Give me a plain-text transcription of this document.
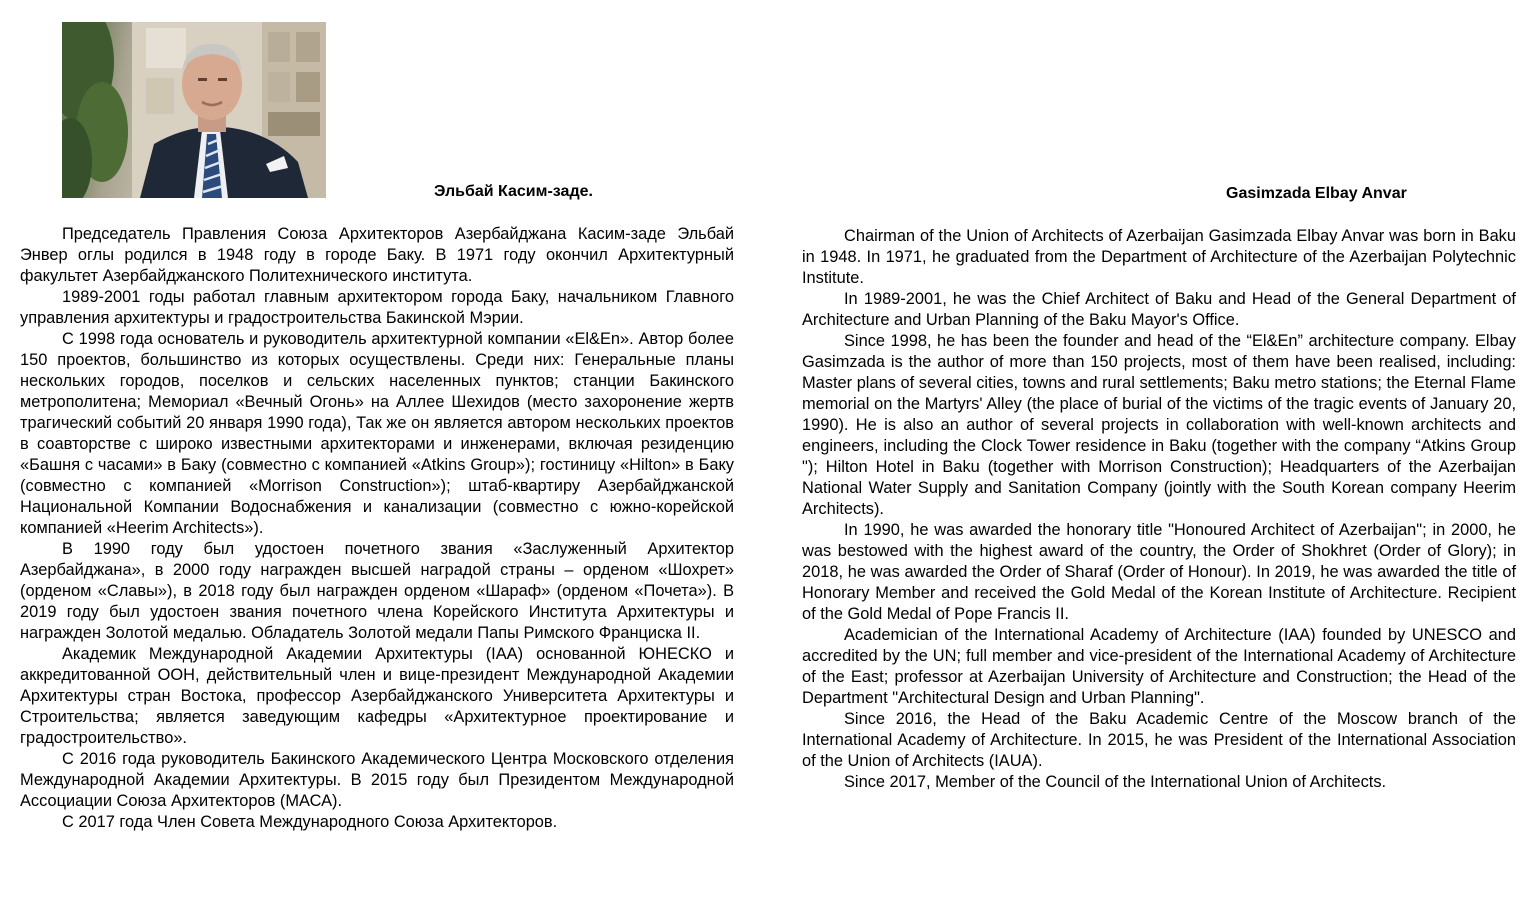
Эльбай Касим-заде.

Председатель Правления Союза Архитекторов Азербайджана Касим-заде Эльбай Энвер оглы родился в 1948 году в городе Баку. В 1971 году окончил Архитектурный факультет Азербайджанского Политехнического института.

1989-2001 годы работал главным архитектором города Баку, начальником Главного управления архитектуры и градостроительства Бакинской Мэрии.

С 1998 года основатель и руководитель архитектурной компании «El&En». Автор более 150 проектов, большинство из которых осуществлены. Среди них: Генеральные планы нескольких городов, поселков и сельских населенных пунктов; станции Бакинского метрополитена; Мемориал «Вечный Огонь» на Аллее Шехидов (место захоронение жертв трагический событий 20 января 1990 года), Так же он является автором нескольких проектов в соавторстве с широко известными архитекторами и инженерами, включая резиденцию «Башня с часами» в Баку (совместно с компанией «Atkins Group»); гостиницу «Hilton» в Баку (совместно с компанией «Morrison Construction»); штаб-квартиру Азербайджанской Национальной Компании Водоснабжения и канализации (совместно с южно-корейской компанией «Heerim Architects»).

В 1990 году был удостоен почетного звания «Заслуженный Архитектор Азербайджана», в 2000 году награжден высшей наградой страны – орденом «Шохрет» (орденом «Славы»), в 2018 году был награжден орденом «Шараф» (орденом «Почета»). В 2019 году был удостоен звания почетного члена Корейского Института Архитектуры и награжден Золотой медалью. Обладатель Золотой медали Папы Римского Франциска II.

Академик Международной Академии Архитектуры (IAA) основанной ЮНЕСКО и аккредитованной ООН, действительный член и вице-президент Международной Академии Архитектуры стран Востока, профессор Азербайджанского Университета Архитектуры и Строительства; является заведующим кафедры «Архитектурное проектирование и градостроительство».

С 2016 года руководитель Бакинского Академического Центра Московского отделения Международной Академии Архитектуры. В 2015 году был Президентом Международной Ассоциации Союза Архитекторов (МАСА).

С 2017 года Член Совета Международного Союза Архитекторов.

Gasimzada Elbay Anvar

Chairman of the Union of Architects of Azerbaijan Gasimzada Elbay Anvar was born in Baku in 1948. In 1971, he graduated from the Department of Architecture of the Azerbaijan Polytechnic Institute.

In 1989-2001, he was the Chief Architect of Baku and Head of the General Department of Architecture and Urban Planning of the Baku Mayor's Office.

Since 1998, he has been the founder and head of the “El&En” architecture company. Elbay Gasimzada is the author of more than 150 projects, most of them have been realised, including: Master plans of several cities, towns and rural settlements; Baku metro stations; the Eternal Flame memorial on the Martyrs' Alley (the place of burial of the victims of the tragic events of January 20, 1990). He is also an author of several projects in collaboration with well-known architects and engineers, including the Clock Tower residence in Baku (together with the company “Atkins Group "); Hilton Hotel in Baku (together with Morrison Construction); Headquarters of the Azerbaijan National Water Supply and Sanitation Company (jointly with the South Korean company Heerim Architects).

In 1990, he was awarded the honorary title "Honoured Architect of Azerbaijan"; in 2000, he was bestowed with the highest award of the country, the Order of Shokhret (Order of Glory); in 2018, he was awarded the Order of Sharaf (Order of Honour). In 2019, he was awarded the title of Honorary Member and received the Gold Medal of the Korean Institute of Architecture. Recipient of the Gold Medal of Pope Francis II.

Academician of the International Academy of Architecture (IAA) founded by UNESCO and accredited by the UN; full member and vice-president of the International Academy of Architecture of the East; professor at Azerbaijan University of Architecture and Construction; the Head of the Department "Architectural Design and Urban Planning".

Since 2016, the Head of the Baku Academic Centre of the Moscow branch of the International Academy of Architecture. In 2015, he was President of the International Association of the Union of Architects (IAUA).

Since 2017, Member of the Council of the International Union of Architects.
